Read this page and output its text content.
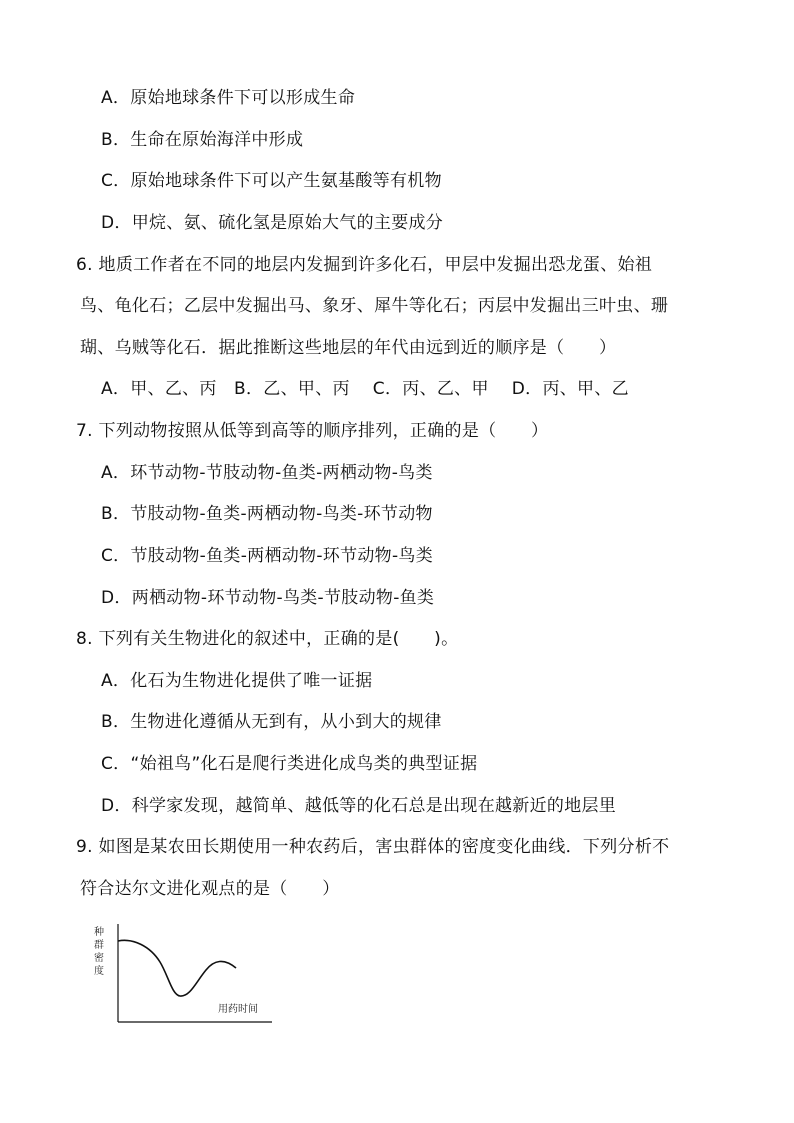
A．原始地球条件下可以形成生命
B．生命在原始海洋中形成
C．原始地球条件下可以产生氨基酸等有机物
D．甲烷、氨、硫化氢是原始大气的主要成分
6. 地质工作者在不同的地层内发掘到许多化石，甲层中发掘出恐龙蛋、始祖
鸟、龟化石；乙层中发掘出马、象牙、犀牛等化石；丙层中发掘出三叶虫、珊
瑚、乌贼等化石．据此推断这些地层的年代由远到近的顺序是（　　）
A．甲、乙、丙　B．乙、甲、丙　 C．丙、乙、甲　 D．丙、甲、乙
7. 下列动物按照从低等到高等的顺序排列，正确的是（　　）
A．环节动物-节肢动物-鱼类-两栖动物-鸟类
B．节肢动物-鱼类-两栖动物-鸟类-环节动物
C．节肢动物-鱼类-两栖动物-环节动物-鸟类
D．两栖动物-环节动物-鸟类-节肢动物-鱼类
8. 下列有关生物进化的叙述中，正确的是(　　)。
A．化石为生物进化提供了唯一证据
B．生物进化遵循从无到有，从小到大的规律
C．“始祖鸟”化石是爬行类进化成鸟类的典型证据
D．科学家发现，越简单、越低等的化石总是出现在越新近的地层里
9. 如图是某农田长期使用一种农药后，害虫群体的密度变化曲线．下列分析不
符合达尔文进化观点的是（　　）
种
群
密
度
用药时间
